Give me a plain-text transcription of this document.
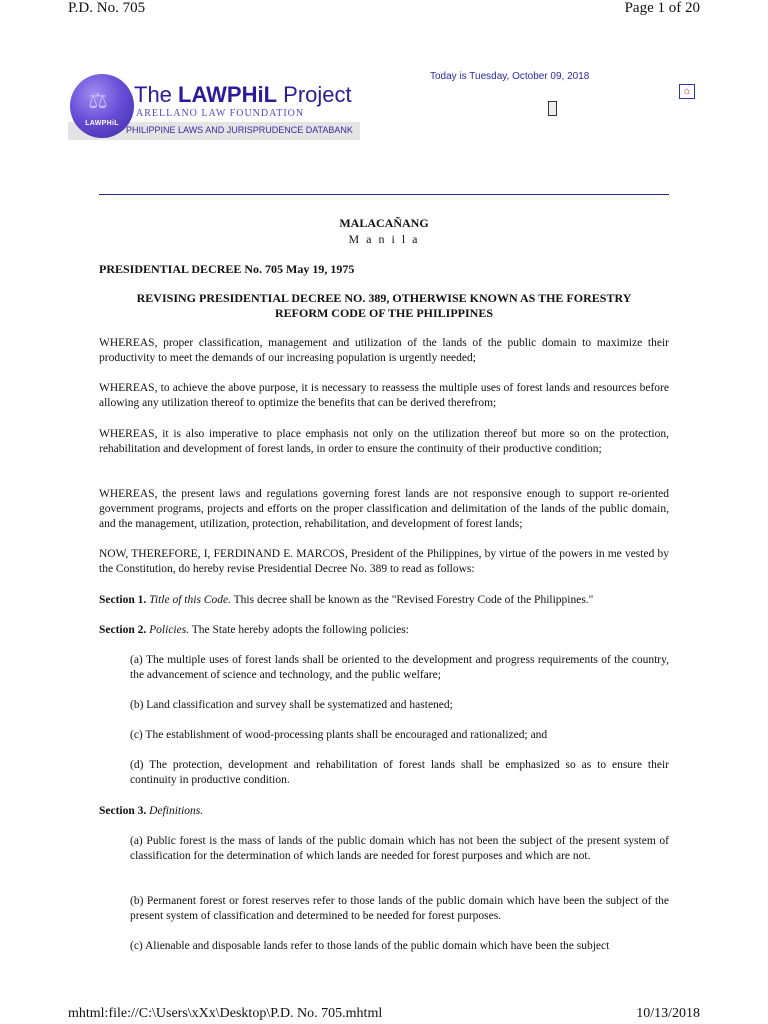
P.D. No. 705	Page 1 of 20
⚖
LAWPHiL
The LAWPHiL Project
ARELLANO LAW FOUNDATION
PHILIPPINE LAWS AND JURISPRUDENCE DATABANK
Today is Tuesday, October 09, 2018
⌂
MALACAÑANG
M a n i l a
PRESIDENTIAL DECREE No. 705 May 19, 1975
REVISING PRESIDENTIAL DECREE NO. 389, OTHERWISE KNOWN AS THE FORESTRY REFORM CODE OF THE PHILIPPINES
WHEREAS, proper classification, management and utilization of the lands of the public domain to maximize their productivity to meet the demands of our increasing population is urgently needed;
WHEREAS, to achieve the above purpose, it is necessary to reassess the multiple uses of forest lands and resources before allowing any utilization thereof to optimize the benefits that can be derived therefrom;
WHEREAS, it is also imperative to place emphasis not only on the utilization thereof but more so on the protection, rehabilitation and development of forest lands, in order to ensure the continuity of their productive condition;
WHEREAS, the present laws and regulations governing forest lands are not responsive enough to support re-oriented government programs, projects and efforts on the proper classification and delimitation of the lands of the public domain, and the management, utilization, protection, rehabilitation, and development of forest lands;
NOW, THEREFORE, I, FERDINAND E. MARCOS, President of the Philippines, by virtue of the powers in me vested by the Constitution, do hereby revise Presidential Decree No. 389 to read as follows:
Section 1. Title of this Code. This decree shall be known as the "Revised Forestry Code of the Philippines."
Section 2. Policies. The State hereby adopts the following policies:
(a) The multiple uses of forest lands shall be oriented to the development and progress requirements of the country, the advancement of science and technology, and the public welfare;
(b) Land classification and survey shall be systematized and hastened;
(c) The establishment of wood-processing plants shall be encouraged and rationalized; and
(d) The protection, development and rehabilitation of forest lands shall be emphasized so as to ensure their continuity in productive condition.
Section 3. Definitions.
(a) Public forest is the mass of lands of the public domain which has not been the subject of the present system of classification for the determination of which lands are needed for forest purposes and which are not.
(b) Permanent forest or forest reserves refer to those lands of the public domain which have been the subject of the present system of classification and determined to be needed for forest purposes.
(c) Alienable and disposable lands refer to those lands of the public domain which have been the subject
mhtml:file://C:\Users\xXx\Desktop\P.D. No. 705.mhtml	10/13/2018
